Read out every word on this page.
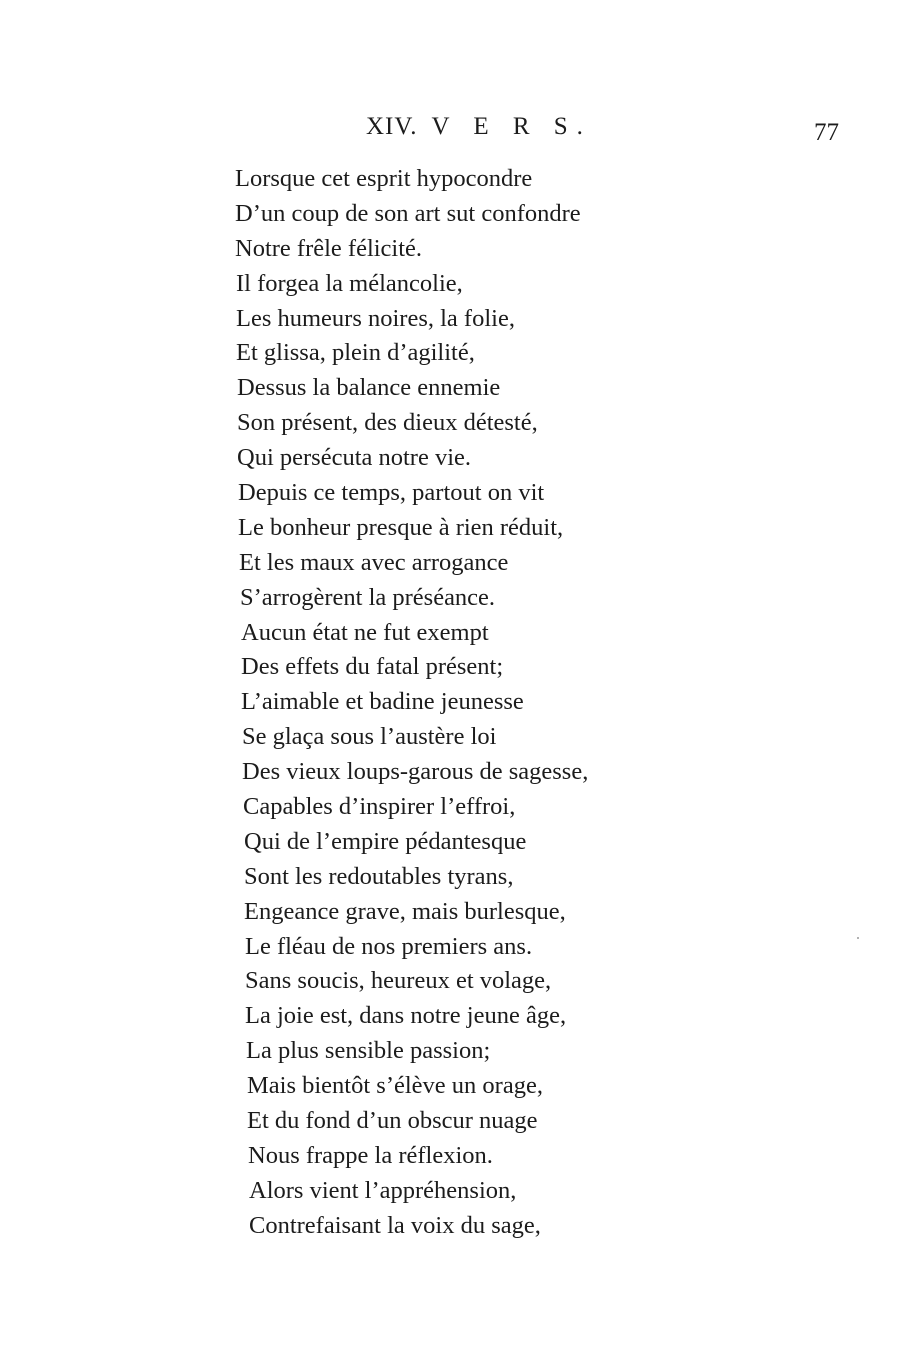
XIV. V E R S.	77
Lorsque cet esprit hypocondre
D’un coup de son art sut confondre
Notre frêle félicité.
Il forgea la mélancolie,
Les humeurs noires, la folie,
Et glissa, plein d’agilité,
Dessus la balance ennemie
Son présent, des dieux détesté,
Qui persécuta notre vie.
Depuis ce temps, partout on vit
Le bonheur presque à rien réduit,
Et les maux avec arrogance
S’arrogèrent la préséance.
Aucun état ne fut exempt
Des effets du fatal présent;
L’aimable et badine jeunesse
Se glaça sous l’austère loi
Des vieux loups-garous de sagesse,
Capables d’inspirer l’effroi,
Qui de l’empire pédantesque
Sont les redoutables tyrans,
Engeance grave, mais burlesque,
Le fléau de nos premiers ans.
Sans soucis, heureux et volage,
La joie est, dans notre jeune âge,
La plus sensible passion;
Mais bientôt s’élève un orage,
Et du fond d’un obscur nuage
Nous frappe la réflexion.
Alors vient l’appréhension,
Contrefaisant la voix du sage,
